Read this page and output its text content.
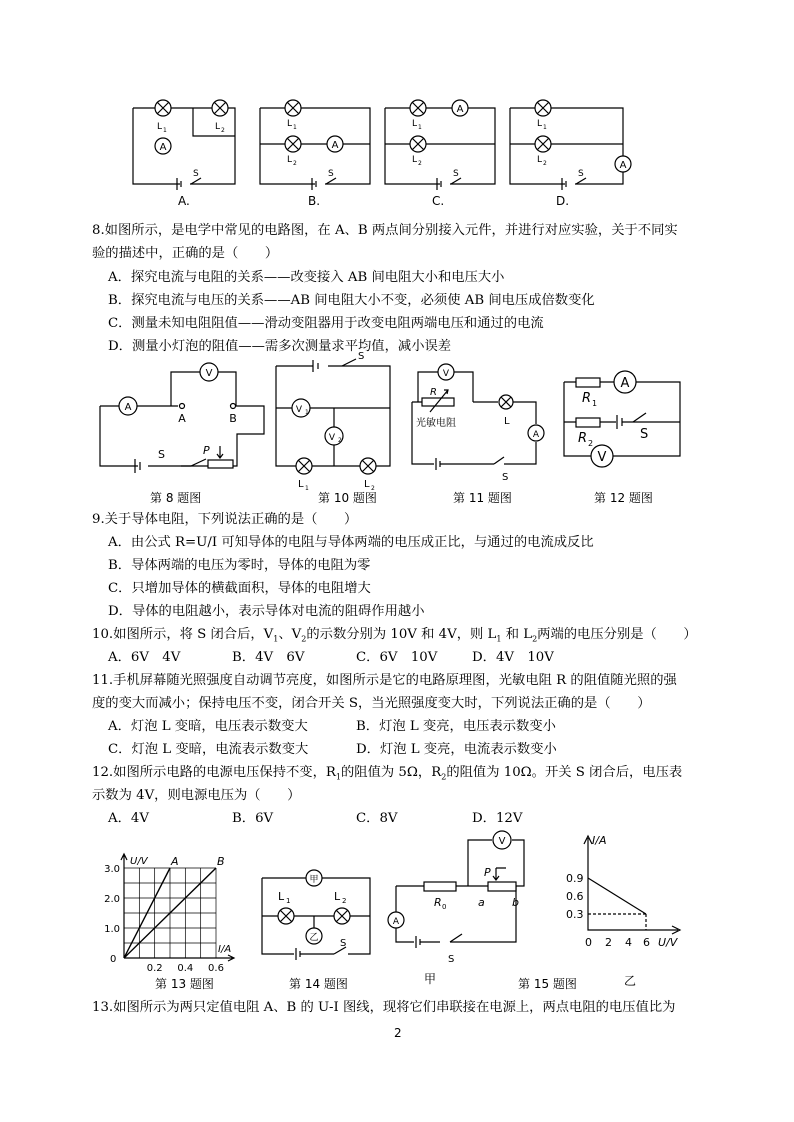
A
L 1	L 2
S
A
L 1
L 2
S
A
L 1
L 2
S
A
L 1
L 2
S
A.	B.	C.	D.
8.如图所示，是电学中常见的电路图，在 A、B 两点间分别接入元件，并进行对应实验，关于不同实
验的描述中，正确的是（　　）
A．探究电流与电阻的关系——改变接入 AB 间电阻大小和电压大小
B．探究电流与电压的关系——AB 间电阻大小不变，必须使 AB 间电压成倍数变化
C．测量未知电阻阻值——滑动变阻器用于改变电阻两端电压和通过的电流
D．测量小灯泡的阻值——需多次测量求平均值，减小误差
A
V
A	B
S	P
第 8 题图
V 1
V 2
S
L 1	L 2
第 10 题图
V
A
R
光敏电阻	L
S
第 11 题图
A
V
R 1
R 2
S
第 12 题图
9.关于导体电阻，下列说法正确的是（　　）
A．由公式 R=U/I 可知导体的电阻与导体两端的电压成正比，与通过的电流成反比
B．导体两端的电压为零时，导体的电阻为零
C．只增加导体的横截面积，导体的电阻增大
D．导体的电阻越小，表示导体对电流的阻碍作用越小
10.如图所示，将 S 闭合后，$V_1$、$V_2$的示数分别为 10V 和 4V，则 $L_1$ 和 $L_2$两端的电压分别是（　　）
A．6V　4V	B．4V　6V	C．6V　10V	D．4V　10V
11.手机屏幕随光照强度自动调节亮度，如图所示是它的电路原理图，光敏电阻 R 的阻值随光照的强
度的变大而减小；保持电压不变，闭合开关 S，当光照强度变大时，下列说法正确的是（　　）
A．灯泡 L 变暗，电压表示数变大	B．灯泡 L 变亮，电压表示数变小
C．灯泡 L 变暗，电流表示数变大	D．灯泡 L 变亮，电流表示数变小
12.如图所示电路的电源电压保持不变，$R_1$的阻值为 5Ω，$R_2$的阻值为 10Ω。开关 S 闭合后，电压表
示数为 4V，则电源电压为（　　）
A．4V	B．6V	C．8V	D．12V
U/V
I/A
3.0
2.0
1.0
0.2 0.4 0.6
0
A	B
第 13 题图
甲
乙
L 1	L 2
S
第 14 题图
V
A
R 0
P
a b
S
甲	第 15 题图
I/A
0.9
0.6
0.3
0 2 4 6 U/V
乙
13.如图所示为两只定值电阻 A、B 的 U-I 图线，现将它们串联接在电源上，两点电阻的电压值比为
2
